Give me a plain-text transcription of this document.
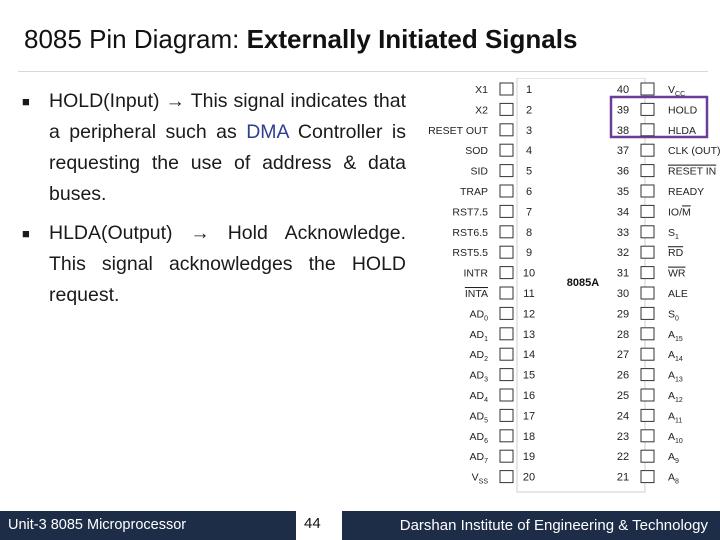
8085 Pin Diagram: Externally Initiated Signals
■ HOLD(Input) → This signal indicates that a peripheral such as DMA Controller is requesting the use of address & data buses.
■ HLDA(Output) → Hold Acknowledge. This signal acknowledges the HOLD request.
8085A
X1	1
X2	2
RESET OUT	3
SOD	4
SID	5
TRAP	6
RST7.5	7
RST6.5	8
RST5.5	9
INTR	10
INTA	11
$AD_0$	12
$AD_1$	13
$AD_2$	14
$AD_3$	15
$AD_4$	16
$AD_5$	17
$AD_6$	18
$AD_7$	19
$V_{SS}$	20
40	$V_{CC}$
39	HOLD
38	HLDA
37	CLK (OUT)
36	RESET IN
35	READY
34	IO/M
33	$S_1$
32	RD
31	WR
30	ALE
29	$S_0$
28	$A_{15}$
27	$A_{14}$
26	$A_{13}$
25	$A_{12}$
24	$A_{11}$
23	$A_{10}$
22	$A_9$
21	$A_8$
Unit-3 8085 Microprocessor	44	Darshan Institute of Engineering & Technology
